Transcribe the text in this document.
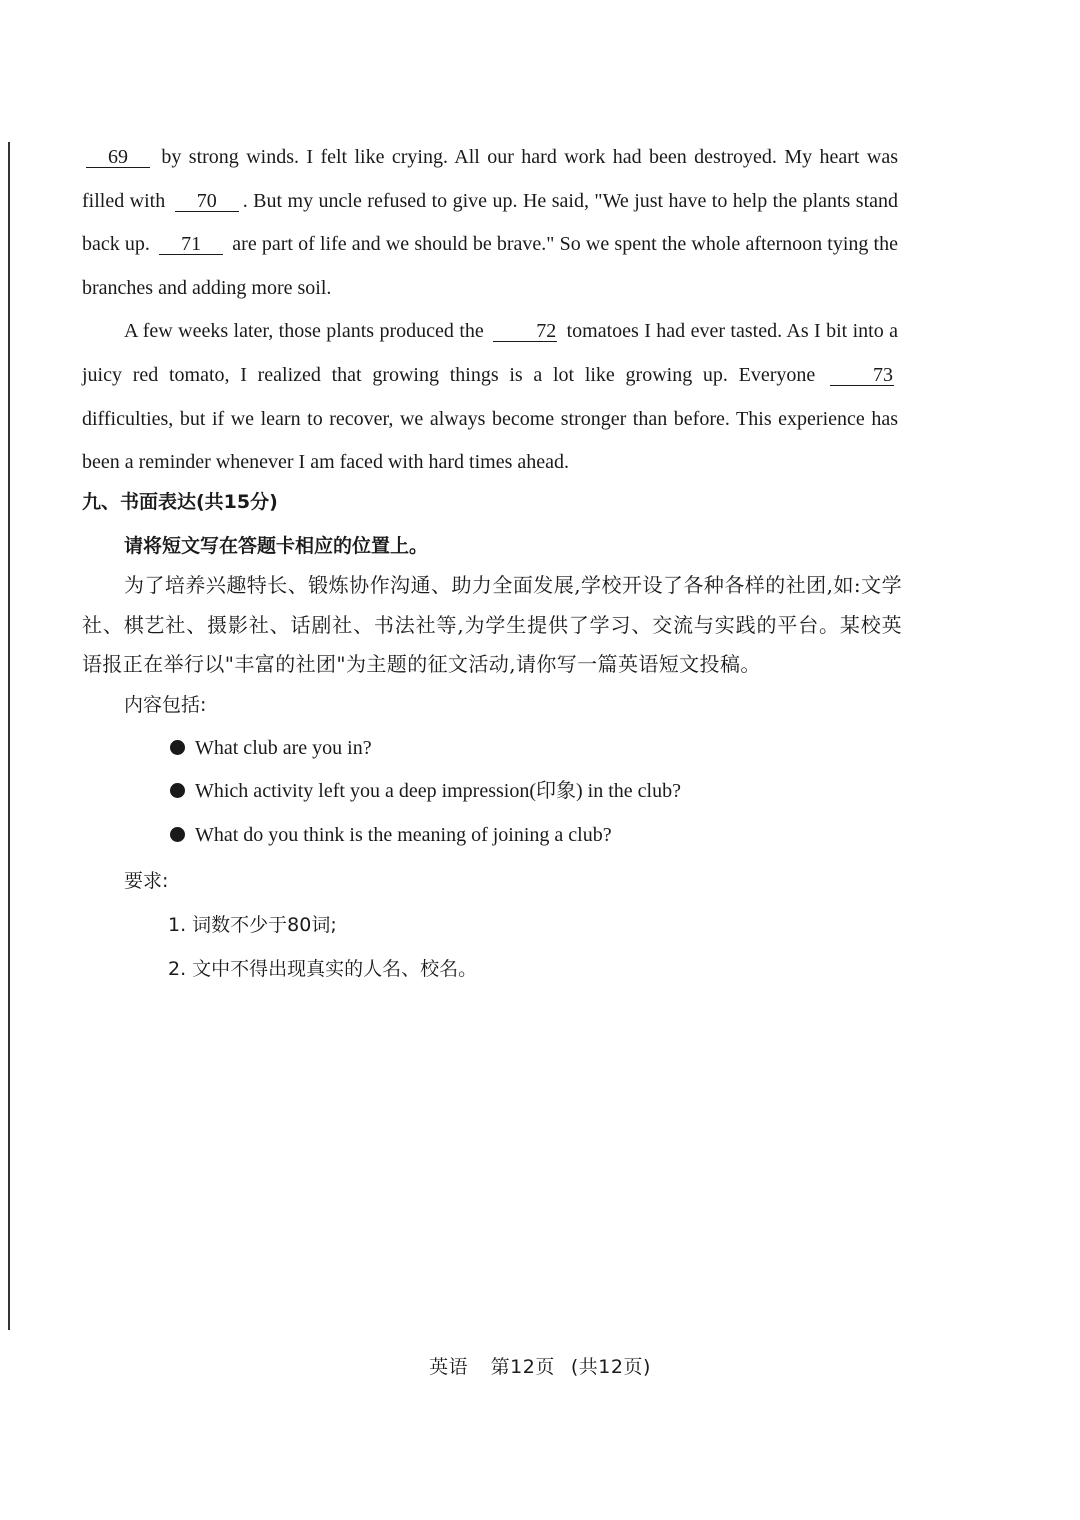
69 by strong winds. I felt like crying. All our hard work had been destroyed. My heart was filled with 70 . But my uncle refused to give up. He said, "We just have to help the plants stand back up. 71 are part of life and we should be brave." So we spent the whole afternoon tying the branches and adding more soil.

A few weeks later, those plants produced the	72 tomatoes I had ever tasted. As I bit into a juicy red tomato, I realized that growing things is a lot like growing up. Everyone	73 difficulties, but if we learn to recover, we always become stronger than before. This experience has been a reminder whenever I am faced with hard times ahead.

九、书面表达(共15分)
请将短文写在答题卡相应的位置上。

为了培养兴趣特长、锻炼协作沟通、助力全面发展,学校开设了各种各样的社团,如:文学社、棋艺社、摄影社、话剧社、书法社等,为学生提供了学习、交流与实践的平台。某校英语报正在举行以"丰富的社团"为主题的征文活动,请你写一篇英语短文投稿。

内容包括:
What club are you in?
Which activity left you a deep impression(印象) in the club?
What do you think is the meaning of joining a club?
要求:
1. 词数不少于80词;
2. 文中不得出现真实的人名、校名。
英语 第12页 (共12页)
